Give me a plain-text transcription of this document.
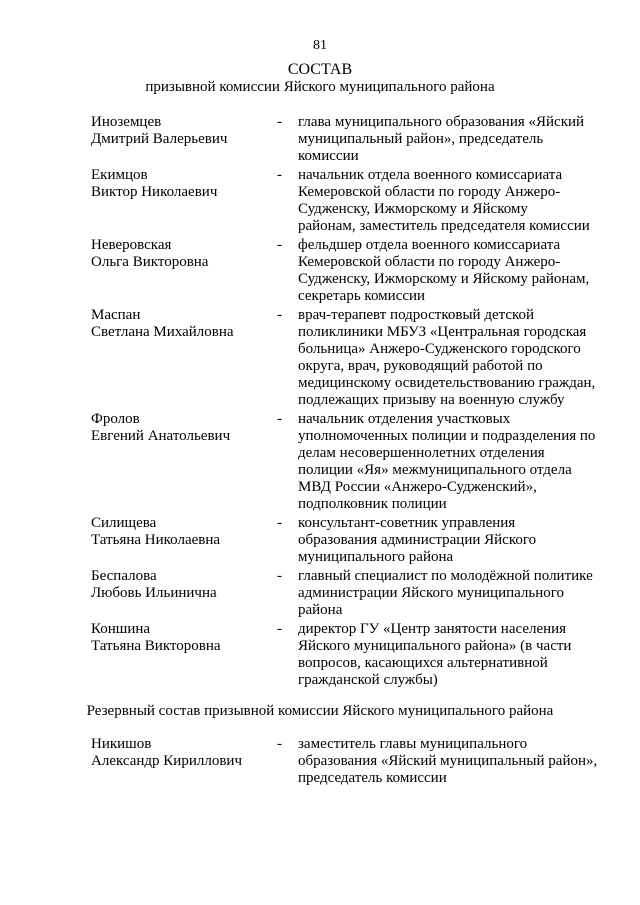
81
СОСТАВ
призывной комиссии Яйского муниципального района
Иноземцев
Дмитрий Валерьевич
- глава муниципального образования «Яйский
муниципальный район», председатель
комиссии
Екимцов
Виктор Николаевич
- начальник отдела военного комиссариата
Кемеровской области по городу Анжеро-
Судженску, Ижморскому и Яйскому
районам, заместитель председателя комиссии
Неверовская
Ольга Викторовна
- фельдшер отдела военного комиссариата
Кемеровской области по городу Анжеро-
Судженску, Ижморскому и Яйскому районам,
секретарь комиссии
Маспан
Светлана Михайловна
- врач-терапевт подростковый детской
поликлиники МБУЗ «Центральная городская
больница» Анжеро-Судженского городского
округа, врач, руководящий работой по
медицинскому освидетельствованию граждан,
подлежащих призыву на военную службу
Фролов
Евгений Анатольевич
- начальник отделения участковых
уполномоченных полиции и подразделения по
делам несовершеннолетних отделения
полиции «Яя» межмуниципального отдела
МВД России «Анжеро-Судженский»,
подполковник полиции
Силищева
Татьяна Николаевна
- консультант-советник управления
образования администрации Яйского
муниципального района
Беспалова
Любовь Ильинична
- главный специалист по молодёжной политике
администрации Яйского муниципального
района
Коншина
Татьяна Викторовна
- директор ГУ «Центр занятости населения
Яйского муниципального района» (в части
вопросов, касающихся альтернативной
гражданской службы)
Резервный состав призывной комиссии Яйского муниципального района
Никишов
Александр Кириллович
- заместитель главы муниципального
образования «Яйский муниципальный район»,
председатель комиссии
